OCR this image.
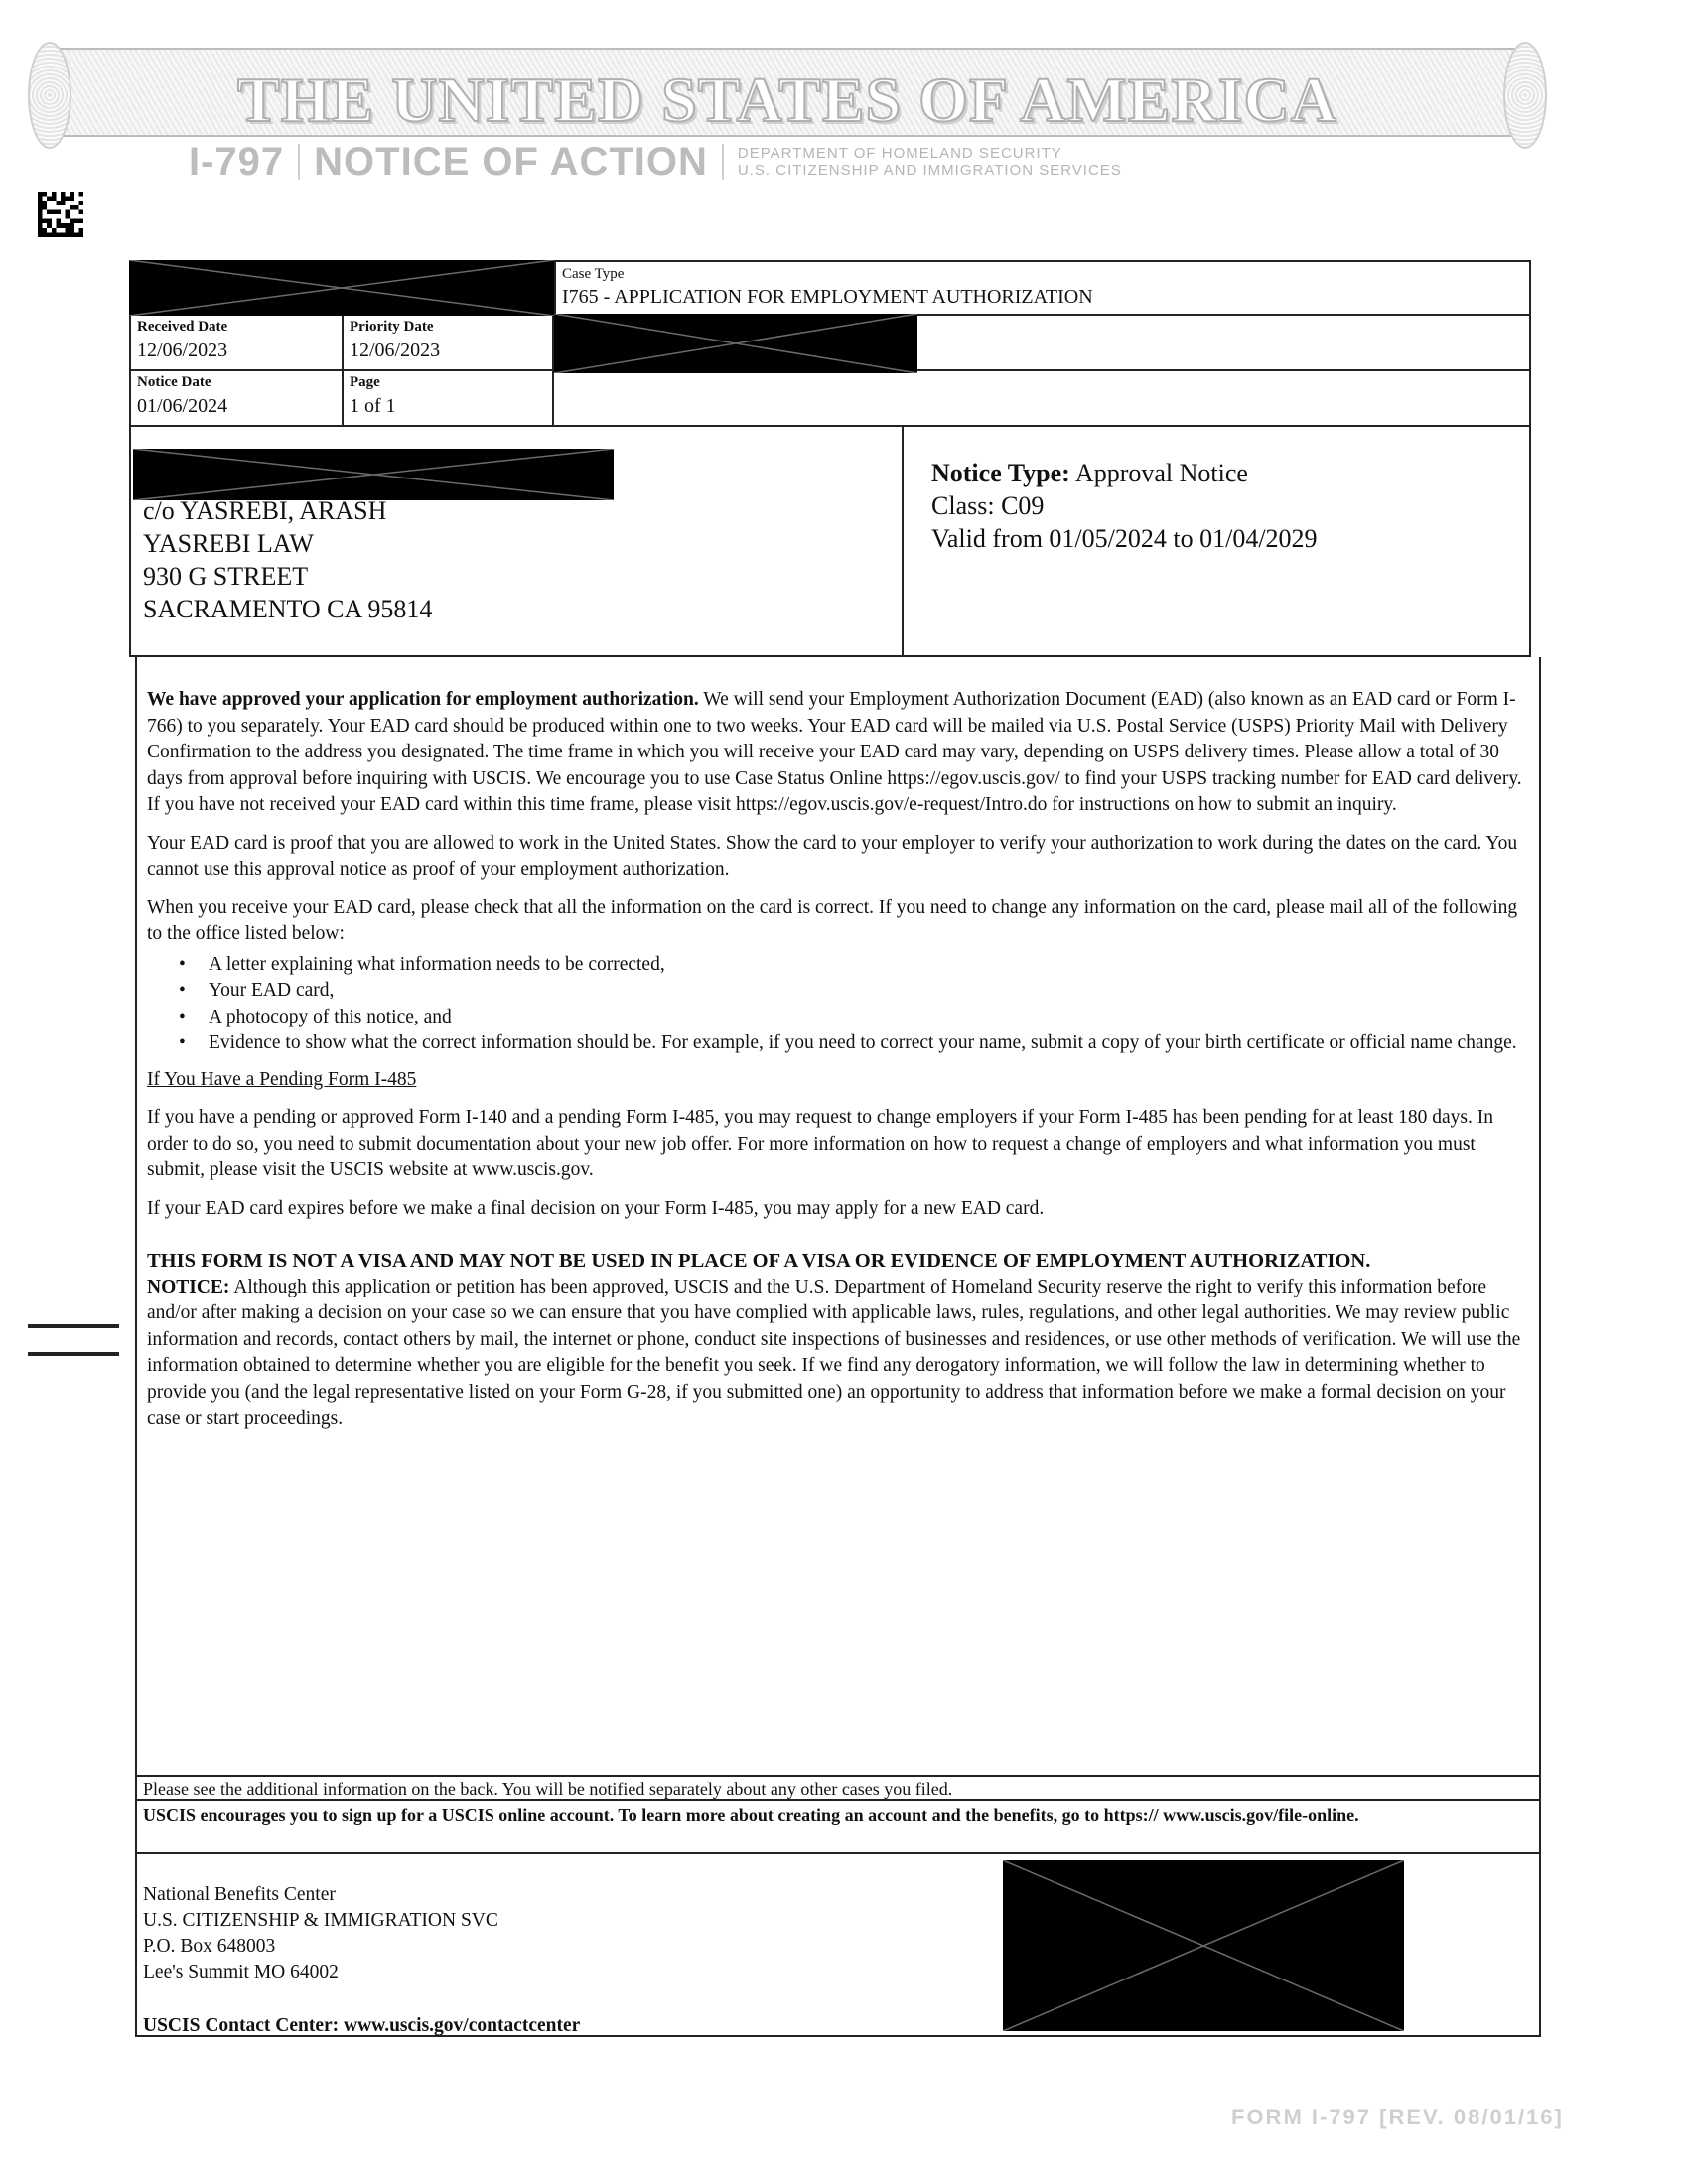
THE UNITED STATES OF AMERICA
I-797 NOTICE OF ACTION DEPARTMENT OF HOMELAND SECURITY
U.S. CITIZENSHIP AND IMMIGRATION SERVICES
Case Type
I765 - APPLICATION FOR EMPLOYMENT AUTHORIZATION
Received Date
12/06/2023
Priority Date
12/06/2023
Notice Date
01/06/2024
Page
1 of 1
c/o YASREBI, ARASH
YASREBI LAW
930 G STREET
SACRAMENTO CA 95814
Notice Type: Approval Notice
Class: C09
Valid from 01/05/2024 to 01/04/2029

We have approved your application for employment authorization. We will send your Employment Authorization Document (EAD) (also known as an EAD card or Form I-766) to you separately. Your EAD card should be produced within one to two weeks. Your EAD card will be mailed via U.S. Postal Service (USPS) Priority Mail with Delivery Confirmation to the address you designated. The time frame in which you will receive your EAD card may vary, depending on USPS delivery times. Please allow a total of 30 days from approval before inquiring with USCIS. We encourage you to use Case Status Online https://egov.uscis.gov/ to find your USPS tracking number for EAD card delivery. If you have not received your EAD card within this time frame, please visit https://egov.uscis.gov/e-request/Intro.do for instructions on how to submit an inquiry.

Your EAD card is proof that you are allowed to work in the United States. Show the card to your employer to verify your authorization to work during the dates on the card. You cannot use this approval notice as proof of your employment authorization.

When you receive your EAD card, please check that all the information on the card is correct. If you need to change any information on the card, please mail all of the following to the office listed below:

• A letter explaining what information needs to be corrected,
• Your EAD card,
• A photocopy of this notice, and
• Evidence to show what the correct information should be. For example, if you need to correct your name, submit a copy of your birth certificate or official name change.
If You Have a Pending Form I-485

If you have a pending or approved Form I-140 and a pending Form I-485, you may request to change employers if your Form I-485 has been pending for at least 180 days. In order to do so, you need to submit documentation about your new job offer. For more information on how to request a change of employers and what information you must submit, please visit the USCIS website at www.uscis.gov.

If your EAD card expires before we make a final decision on your Form I-485, you may apply for a new EAD card.

THIS FORM IS NOT A VISA AND MAY NOT BE USED IN PLACE OF A VISA OR EVIDENCE OF EMPLOYMENT AUTHORIZATION.

NOTICE: Although this application or petition has been approved, USCIS and the U.S. Department of Homeland Security reserve the right to verify this information before and/or after making a decision on your case so we can ensure that you have complied with applicable laws, rules, regulations, and other legal authorities. We may review public information and records, contact others by mail, the internet or phone, conduct site inspections of businesses and residences, or use other methods of verification. We will use the information obtained to determine whether you are eligible for the benefit you seek. If we find any derogatory information, we will follow the law in determining whether to provide you (and the legal representative listed on your Form G-28, if you submitted one) an opportunity to address that information before we make a formal decision on your case or start proceedings.

Please see the additional information on the back. You will be notified separately about any other cases you filed.
USCIS encourages you to sign up for a USCIS online account. To learn more about creating an account and the benefits, go to https:// www.uscis.gov/file-online.
National Benefits Center
U.S. CITIZENSHIP & IMMIGRATION SVC
P.O. Box 648003
Lee's Summit MO 64002
USCIS Contact Center: www.uscis.gov/contactcenter
FORM I-797 [REV. 08/01/16]
